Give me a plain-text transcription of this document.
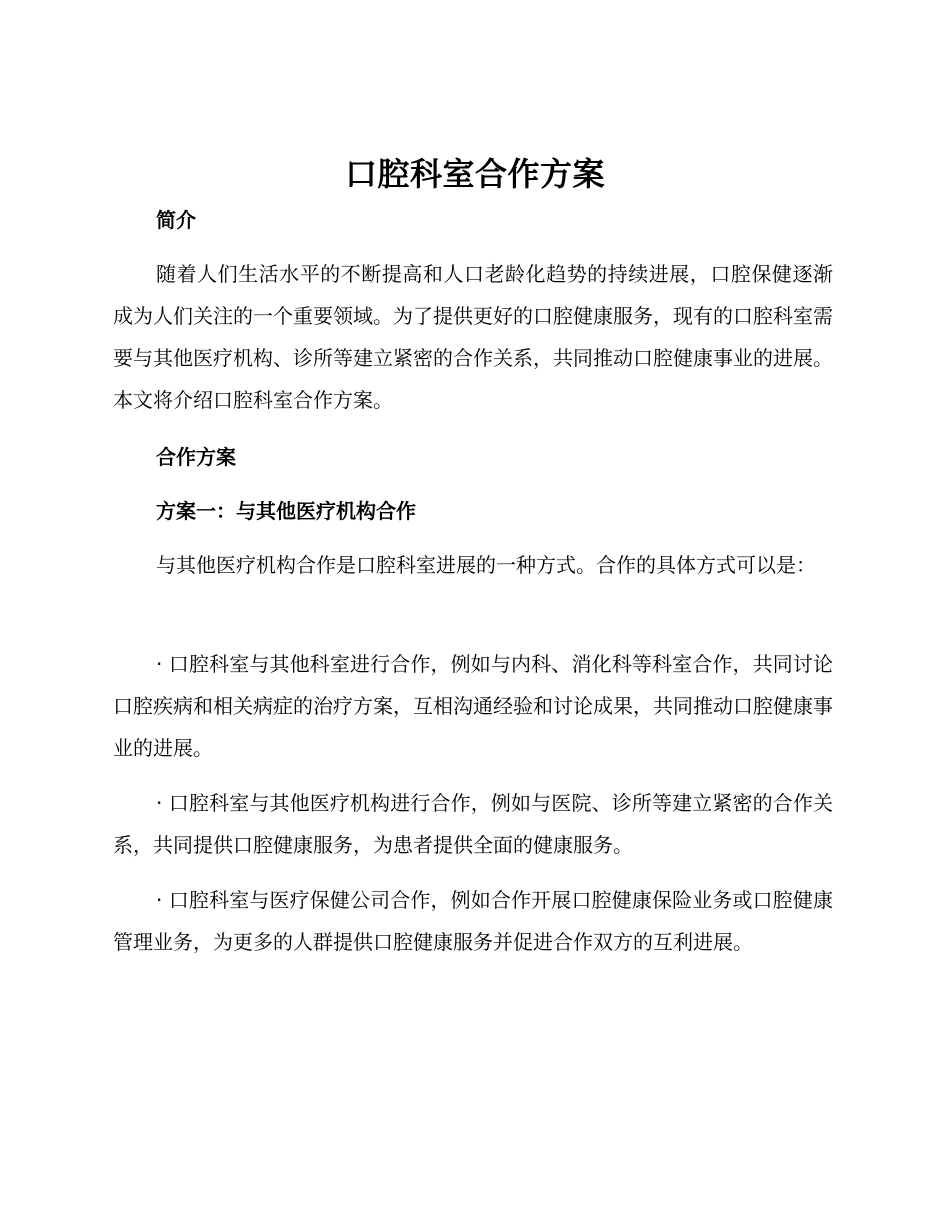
口腔科室合作方案
简介

随着人们生活水平的不断提高和人口老龄化趋势的持续进展，口腔保健逐渐成为人们关注的一个重要领域。为了提供更好的口腔健康服务，现有的口腔科室需要与其他医疗机构、诊所等建立紧密的合作关系，共同推动口腔健康事业的进展。本文将介绍口腔科室合作方案。

合作方案
方案一：与其他医疗机构合作

与其他医疗机构合作是口腔科室进展的一种方式。合作的具体方式可以是：

· 口腔科室与其他科室进行合作，例如与内科、消化科等科室合作，共同讨论口腔疾病和相关病症的治疗方案，互相沟通经验和讨论成果，共同推动口腔健康事业的进展。

· 口腔科室与其他医疗机构进行合作，例如与医院、诊所等建立紧密的合作关系，共同提供口腔健康服务，为患者提供全面的健康服务。

· 口腔科室与医疗保健公司合作，例如合作开展口腔健康保险业务或口腔健康管理业务，为更多的人群提供口腔健康服务并促进合作双方的互利进展。
